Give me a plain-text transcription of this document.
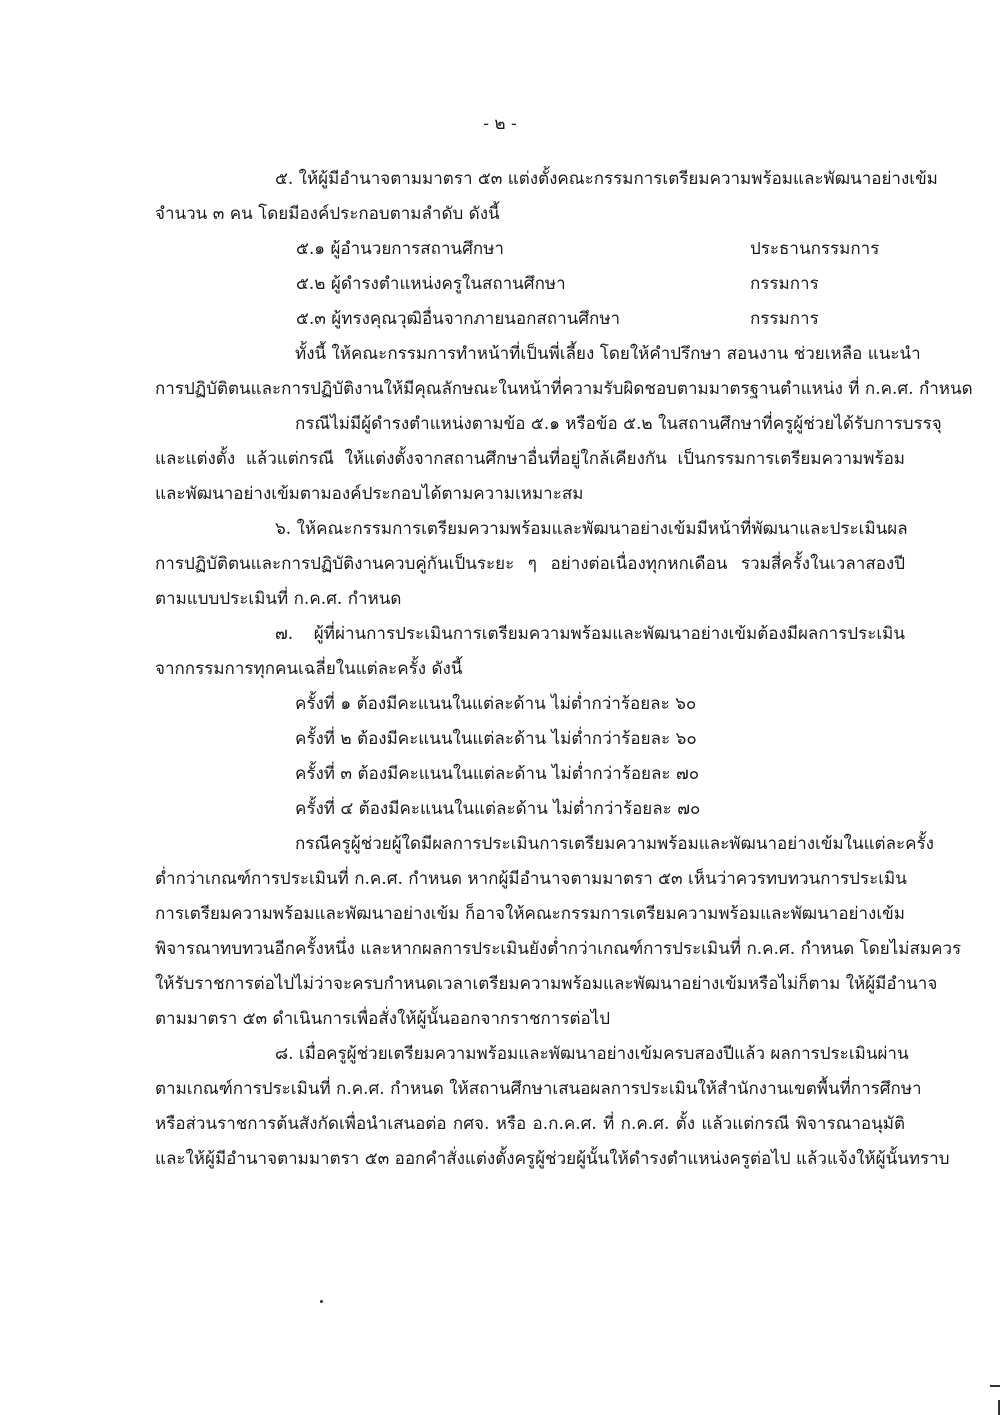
- ๒ -
๕. ให้ผู้มีอำนาจตามมาตรา ๕๓ แต่งตั้งคณะกรรมการเตรียมความพร้อมและพัฒนาอย่างเข้ม
จำนวน ๓ คน โดยมีองค์ประกอบตามลำดับ ดังนี้
๕.๑ ผู้อำนวยการสถานศึกษา	ประธานกรรมการ
๕.๒ ผู้ดำรงตำแหน่งครูในสถานศึกษา	กรรมการ
๕.๓ ผู้ทรงคุณวุฒิอื่นจากภายนอกสถานศึกษา	กรรมการ
ทั้งนี้ ให้คณะกรรมการทำหน้าที่เป็นพี่เลี้ยง โดยให้คำปรึกษา สอนงาน ช่วยเหลือ แนะนำ
การปฏิบัติตนและการปฏิบัติงานให้มีคุณลักษณะในหน้าที่ความรับผิดชอบตามมาตรฐานตำแหน่ง ที่ ก.ค.ศ. กำหนด
กรณีไม่มีผู้ดำรงตำแหน่งตามข้อ ๕.๑ หรือข้อ ๕.๒ ในสถานศึกษาที่ครูผู้ช่วยได้รับการบรรจุ
และแต่งตั้ง แล้วแต่กรณี ให้แต่งตั้งจากสถานศึกษาอื่นที่อยู่ใกล้เคียงกัน เป็นกรรมการเตรียมความพร้อม
และพัฒนาอย่างเข้มตามองค์ประกอบได้ตามความเหมาะสม
๖. ให้คณะกรรมการเตรียมความพร้อมและพัฒนาอย่างเข้มมีหน้าที่พัฒนาและประเมินผล
การปฏิบัติตนและการปฏิบัติงานควบคู่กันเป็นระยะ ๆ อย่างต่อเนื่องทุกหกเดือน รวมสี่ครั้งในเวลาสองปี
ตามแบบประเมินที่ ก.ค.ศ. กำหนด
๗. ผู้ที่ผ่านการประเมินการเตรียมความพร้อมและพัฒนาอย่างเข้มต้องมีผลการประเมิน
จากกรรมการทุกคนเฉลี่ยในแต่ละครั้ง ดังนี้
ครั้งที่ ๑ ต้องมีคะแนนในแต่ละด้าน ไม่ต่ำกว่าร้อยละ ๖๐
ครั้งที่ ๒ ต้องมีคะแนนในแต่ละด้าน ไม่ต่ำกว่าร้อยละ ๖๐
ครั้งที่ ๓ ต้องมีคะแนนในแต่ละด้าน ไม่ต่ำกว่าร้อยละ ๗๐
ครั้งที่ ๔ ต้องมีคะแนนในแต่ละด้าน ไม่ต่ำกว่าร้อยละ ๗๐
กรณีครูผู้ช่วยผู้ใดมีผลการประเมินการเตรียมความพร้อมและพัฒนาอย่างเข้มในแต่ละครั้ง
ต่ำกว่าเกณฑ์การประเมินที่ ก.ค.ศ. กำหนด หากผู้มีอำนาจตามมาตรา ๕๓ เห็นว่าควรทบทวนการประเมิน
การเตรียมความพร้อมและพัฒนาอย่างเข้ม ก็อาจให้คณะกรรมการเตรียมความพร้อมและพัฒนาอย่างเข้ม
พิจารณาทบทวนอีกครั้งหนึ่ง และหากผลการประเมินยังต่ำกว่าเกณฑ์การประเมินที่ ก.ค.ศ. กำหนด โดยไม่สมควร
ให้รับราชการต่อไปไม่ว่าจะครบกำหนดเวลาเตรียมความพร้อมและพัฒนาอย่างเข้มหรือไม่ก็ตาม ให้ผู้มีอำนาจ
ตามมาตรา ๕๓ ดำเนินการเพื่อสั่งให้ผู้นั้นออกจากราชการต่อไป
๘. เมื่อครูผู้ช่วยเตรียมความพร้อมและพัฒนาอย่างเข้มครบสองปีแล้ว ผลการประเมินผ่าน
ตามเกณฑ์การประเมินที่ ก.ค.ศ. กำหนด ให้สถานศึกษาเสนอผลการประเมินให้สำนักงานเขตพื้นที่การศึกษา
หรือส่วนราชการต้นสังกัดเพื่อนำเสนอต่อ กศจ. หรือ อ.ก.ค.ศ. ที่ ก.ค.ศ. ตั้ง แล้วแต่กรณี พิจารณาอนุมัติ
และให้ผู้มีอำนาจตามมาตรา ๕๓ ออกคำสั่งแต่งตั้งครูผู้ช่วยผู้นั้นให้ดำรงตำแหน่งครูต่อไป แล้วแจ้งให้ผู้นั้นทราบ
